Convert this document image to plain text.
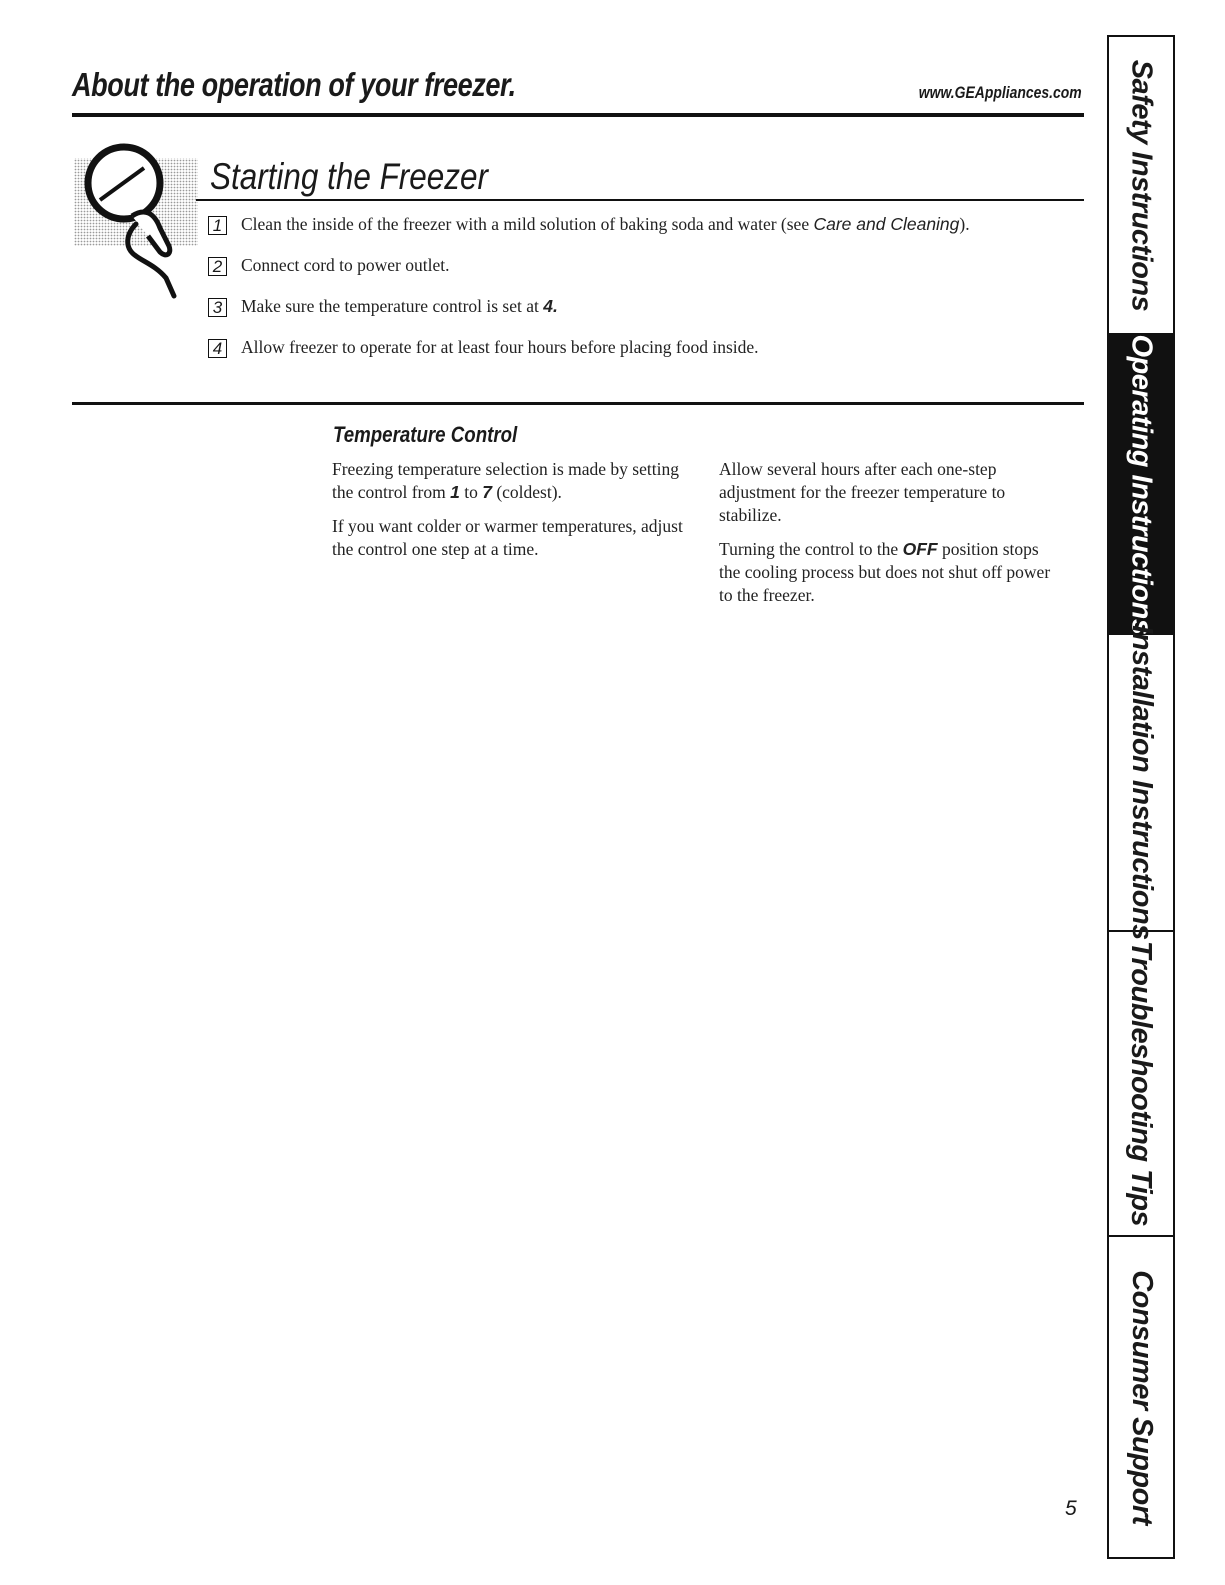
About the operation of your freezer.	www.GEAppliances.com
Starting the Freezer
1 Clean the inside of the freezer with a mild solution of baking soda and water (see Care and Cleaning).
2 Connect cord to power outlet.
3 Make sure the temperature control is set at 4.
4 Allow freezer to operate for at least four hours before placing food inside.
Temperature Control

Freezing temperature selection is made by setting the control from 1 to 7 (coldest).

If you want colder or warmer temperatures, adjust the control one step at a time.

Allow several hours after each one-step adjustment for the freezer temperature to stabilize.

Turning the control to the OFF position stops the cooling process but does not shut off power to the freezer.

5
Safety Instructions
Operating Instructions
Installation Instructions
Troubleshooting Tips
Consumer Support
